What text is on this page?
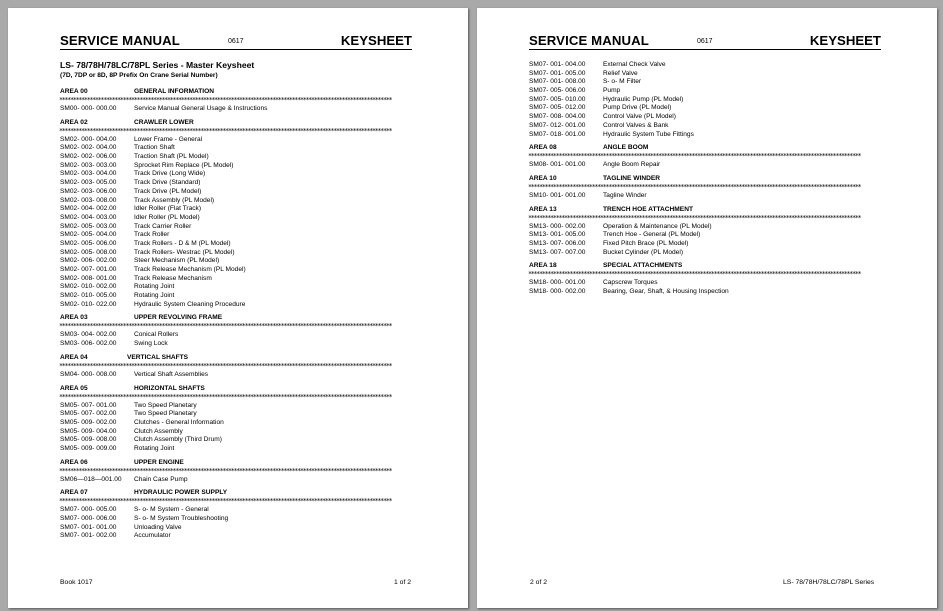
SERVICE MANUAL	0617	KEYSHEET
LS- 78/78H/78LC/78PL Series - Master Keysheet
(7D, 7DP or 8D, 8P Prefix On Crane Serial Number)
AREA 00	GENERAL INFORMATION
************************************************************************************************************************
SM00- 000- 000.00	Service Manual General Usage & Instructions
AREA 02	CRAWLER LOWER
************************************************************************************************************************
SM02- 000- 004.00	Lower Frame - General
SM02- 002- 004.00	Traction Shaft
SM02- 002- 006.00	Traction Shaft (PL Model)
SM02- 003- 003.00	Sprocket Rim Replace (PL Model)
SM02- 003- 004.00	Track Drive (Long Wide)
SM02- 003- 005.00	Track Drive (Standard)
SM02- 003- 006.00	Track Drive (PL Model)
SM02- 003- 008.00	Track Assembly (PL Model)
SM02- 004- 002.00	Idler Roller (Flat Track)
SM02- 004- 003.00	Idler Roller (PL Model)
SM02- 005- 003.00	Track Carrier Roller
SM02- 005- 004.00	Track Roller
SM02- 005- 006.00	Track Rollers - D & M (PL Model)
SM02- 005- 008.00	Track Rollers- Westrac (PL Model)
SM02- 006- 002.00	Steer Mechanism (PL Model)
SM02- 007- 001.00	Track Release Mechanism (PL Model)
SM02- 008- 001.00	Track Release Mechanism
SM02- 010- 002.00	Rotating Joint
SM02- 010- 005.00	Rotating Joint
SM02- 010- 022.00	Hydraulic System Cleaning Procedure
AREA 03	UPPER REVOLVING FRAME
************************************************************************************************************************
SM03- 004- 002.00	Conical Rollers
SM03- 006- 002.00	Swing Lock
AREA 04	VERTICAL SHAFTS
************************************************************************************************************************
SM04- 000- 008.00	Vertical Shaft Assemblies
AREA 05	HORIZONTAL SHAFTS
************************************************************************************************************************
SM05- 007- 001.00	Two Speed Planetary
SM05- 007- 002.00	Two Speed Planetary
SM05- 009- 002.00	Clutches - General Information
SM05- 009- 004.00	Clutch Assembly
SM05- 009- 008.00	Clutch Assembly (Third Drum)
SM05- 009- 009.00	Rotating Joint
AREA 06	UPPER ENGINE
************************************************************************************************************************
SM06—018—001.00 Chain Case Pump
AREA 07	HYDRAULIC POWER SUPPLY
************************************************************************************************************************
SM07- 000- 005.00	S- o- M System - General
SM07- 000- 006.00	S- o- M System Troubleshooting
SM07- 001- 001.00	Unloading Valve
SM07- 001- 002.00	Accumulator
Book 1017	1 of 2
SERVICE MANUAL	0617	KEYSHEET
SM07- 001- 004.00	External Check Valve
SM07- 001- 005.00	Relief Valve
SM07- 001- 008.00	S- o- M Filter
SM07- 005- 006.00	Pump
SM07- 005- 010.00	Hydraulic Pump (PL Model)
SM07- 005- 012.00	Pump Drive (PL Model)
SM07- 008- 004.00	Control Valve (PL Model)
SM07- 012- 001.00	Control Valves & Bank
SM07- 018- 001.00	Hydraulic System Tube Fittings
AREA 08	ANGLE BOOM
************************************************************************************************************************
SM08- 001- 001.00	Angle Boom Repair
AREA 10	TAGLINE WINDER
************************************************************************************************************************
SM10- 001- 001.00	Tagline Winder
AREA 13	TRENCH HOE ATTACHMENT
************************************************************************************************************************
SM13- 000- 002.00	Operation & Maintenance (PL Model)
SM13- 001- 005.00	Trench Hoe - General (PL Model)
SM13- 007- 006.00	Fixed Pitch Brace (PL Model)
SM13- 007- 007.00	Bucket Cylinder (PL Model)
AREA 18	SPECIAL ATTACHMENTS
************************************************************************************************************************
SM18- 000- 001.00	Capscrew Torques
SM18- 000- 002.00	Bearing, Gear, Shaft, & Housing Inspection
2 of 2	LS- 78/78H/78LC/78PL Series
